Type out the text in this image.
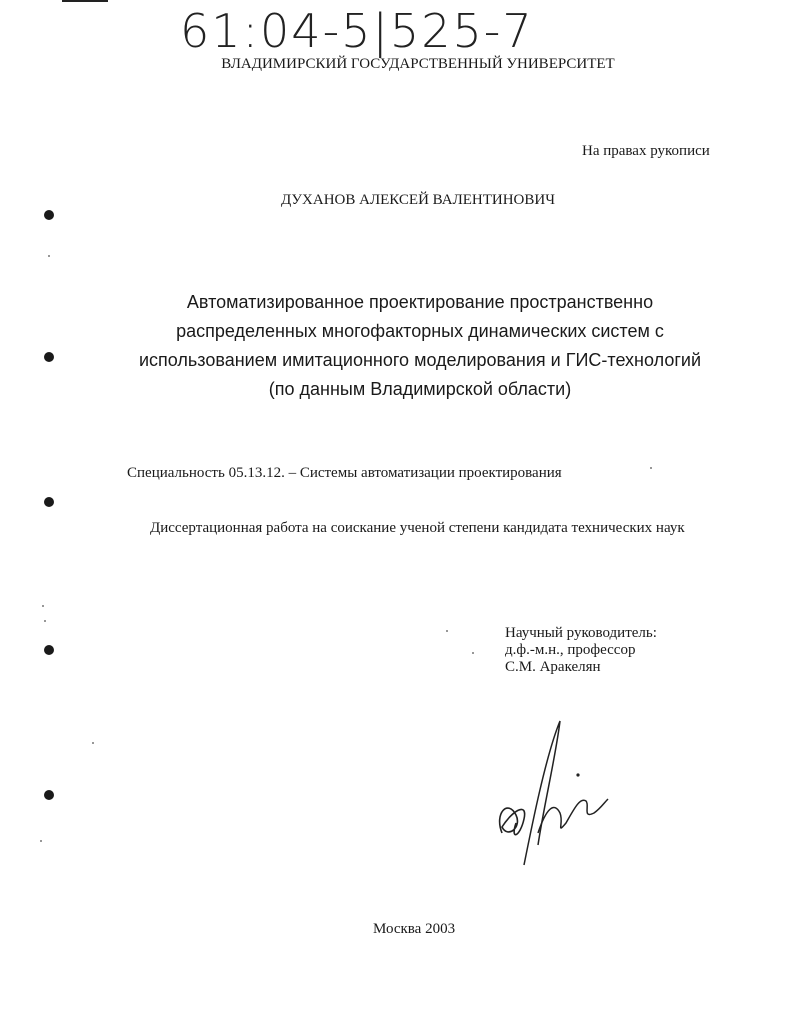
61:04-5|525-7
ВЛАДИМИРСКИЙ ГОСУДАРСТВЕННЫЙ УНИВЕРСИТЕТ
На правах рукописи
ДУХАНОВ АЛЕКСЕЙ ВАЛЕНТИНОВИЧ
Автоматизированное проектирование пространственно
распределенных многофакторных динамических систем с
использованием имитационного моделирования и ГИС-технологий
(по данным Владимирской области)
Специальность 05.13.12. – Системы автоматизации проектирования
Диссертационная работа на соискание ученой степени кандидата технических наук
Научный руководитель:
д.ф.-м.н., профессор
С.М. Аракелян
Москва 2003
